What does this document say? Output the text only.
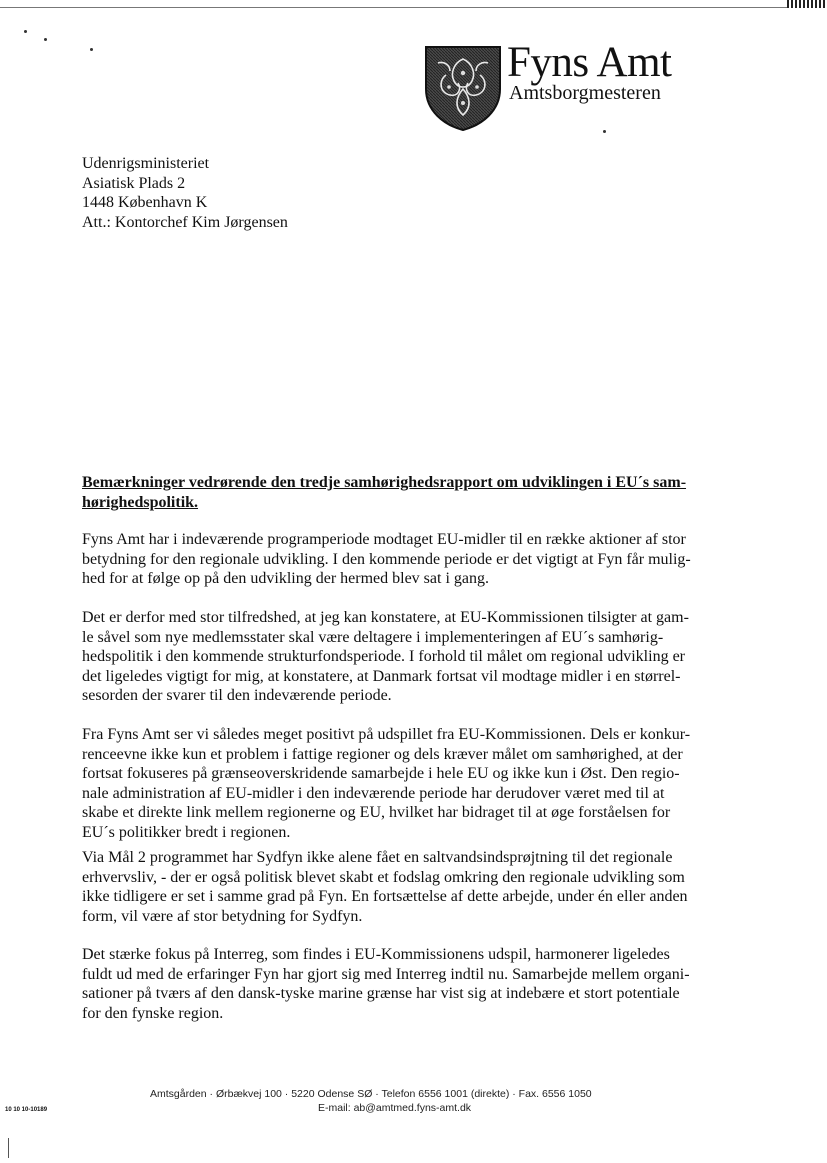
Fyns Amt
Amtsborgmesteren
Udenrigsministeriet
Asiatisk Plads 2
1448 København K
Att.: Kontorchef Kim Jørgensen
Bemærkninger vedrørende den tredje samhørighedsrapport om udviklingen i EU´s sam-
hørighedspolitik.
Fyns Amt har i indeværende programperiode modtaget EU-midler til en række aktioner af stor
betydning for den regionale udvikling. I den kommende periode er det vigtigt at Fyn får mulig-
hed for at følge op på den udvikling der hermed blev sat i gang.
Det er derfor med stor tilfredshed, at jeg kan konstatere, at EU-Kommissionen tilsigter at gam-
le såvel som nye medlemsstater skal være deltagere i implementeringen af EU´s samhørig-
hedspolitik i den kommende strukturfondsperiode. I forhold til målet om regional udvikling er
det ligeledes vigtigt for mig, at konstatere, at Danmark fortsat vil modtage midler i en størrel-
sesorden der svarer til den indeværende periode.
Fra Fyns Amt ser vi således meget positivt på udspillet fra EU-Kommissionen. Dels er konkur-
renceevne ikke kun et problem i fattige regioner og dels kræver målet om samhørighed, at der
fortsat fokuseres på grænseoverskridende samarbejde i hele EU og ikke kun i Øst. Den regio-
nale administration af EU-midler i den indeværende periode har derudover været med til at
skabe et direkte link mellem regionerne og EU, hvilket har bidraget til at øge forståelsen for
EU´s politikker bredt i regionen.
Via Mål 2 programmet har Sydfyn ikke alene fået en saltvandsindsprøjtning til det regionale
erhvervsliv, - der er også politisk blevet skabt et fodslag omkring den regionale udvikling som
ikke tidligere er set i samme grad på Fyn. En fortsættelse af dette arbejde, under én eller anden
form, vil være af stor betydning for Sydfyn.
Det stærke fokus på Interreg, som findes i EU-Kommissionens udspil, harmonerer ligeledes
fuldt ud med de erfaringer Fyn har gjort sig med Interreg indtil nu. Samarbejde mellem organi-
sationer på tværs af den dansk-tyske marine grænse har vist sig at indebære et stort potentiale
for den fynske region.
Amtsgården · Ørbækvej 100 · 5220 Odense SØ · Telefon 6556 1001 (direkte) · Fax. 6556 1050
E-mail: ab@amtmed.fyns-amt.dk
10 10 10-10189
